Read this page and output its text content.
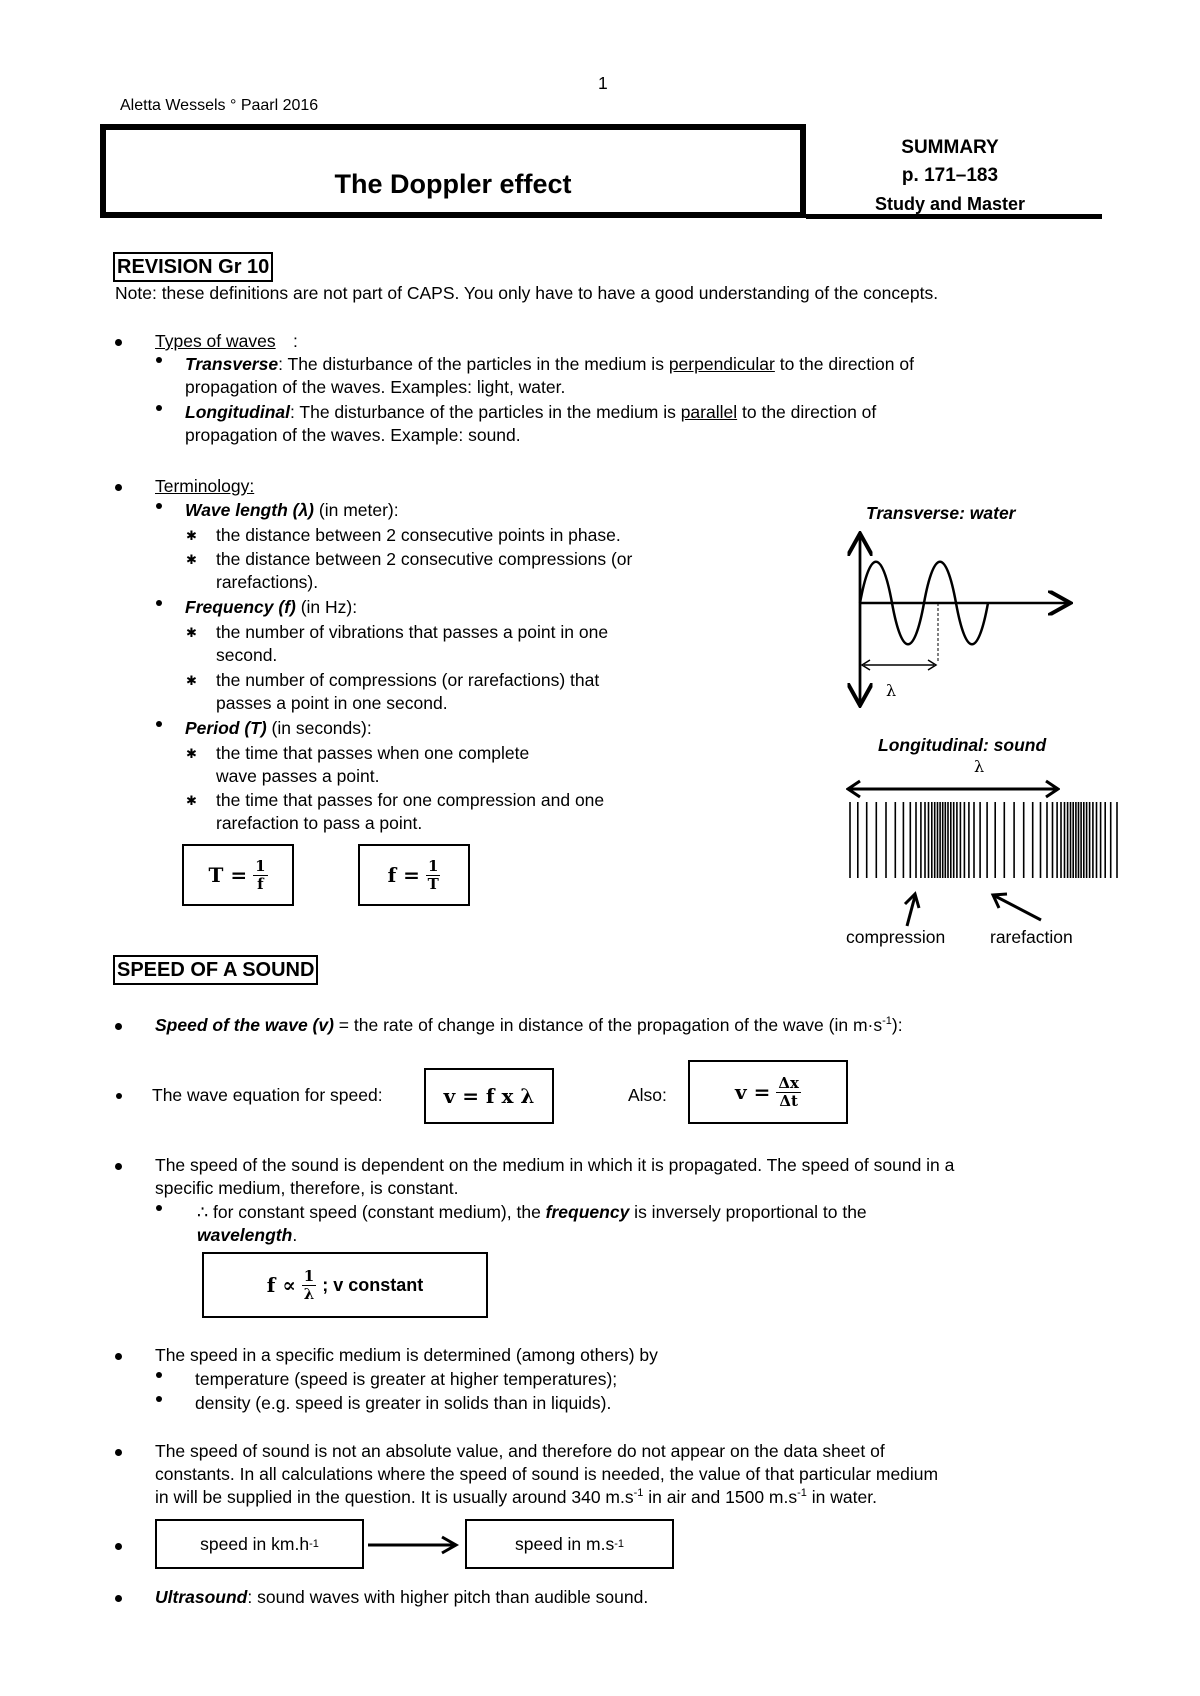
1
Aletta Wessels ° Paarl 2016
The Doppler effect
SUMMARY
p. 171–183
Study and Master
REVISION Gr 10
Note: these definitions are not part of CAPS. You only have to have a good understanding of the concepts.
Types of waves :
Transverse: The disturbance of the particles in the medium is perpendicular to the direction of
propagation of the waves. Examples: light, water.
Longitudinal: The disturbance of the particles in the medium is parallel to the direction of
propagation of the waves. Example: sound.
Terminology:
Wave length (λ) (in meter):
✱ the distance between 2 consecutive points in phase.
✱ the distance between 2 consecutive compressions (or
rarefactions).
Frequency (f) (in Hz):
✱ the number of vibrations that passes a point in one
second.
✱ the number of compressions (or rarefactions) that
passes a point in one second.
Period (T) (in seconds):
✱ the time that passes when one complete
wave passes a point.
✱ the time that passes for one compression and one
rarefaction to pass a point.
$T = \frac{1}{f}$	$f = \frac{1}{T}$
Transverse: water
λ
Longitudinal: sound
λ
compression	rarefaction
SPEED OF A SOUND
Speed of the wave (v) = the rate of change in distance of the propagation of the wave (in $m\cdot s^{-1}$):
The wave equation for speed:	v = f x λ	Also:	$v = \frac{\Delta x}{\Delta t}$
The speed of the sound is dependent on the medium in which it is propagated. The speed of sound in a
specific medium, therefore, is constant.
∴ for constant speed (constant medium), the frequency is inversely proportional to the
wavelength.
$f \propto \frac{1}{\lambda}$ ; v constant
The speed in a specific medium is determined (among others) by
temperature (speed is greater at higher temperatures);
density (e.g. speed is greater in solids than in liquids).
The speed of sound is not an absolute value, and therefore do not appear on the data sheet of
constants. In all calculations where the speed of sound is needed, the value of that particular medium
in will be supplied in the question. It is usually around 340 $m.s^{-1}$ in air and 1500 $m.s^{-1}$ in water.
speed in km.h -1	speed in m.s -1
Ultrasound: sound waves with higher pitch than audible sound.
